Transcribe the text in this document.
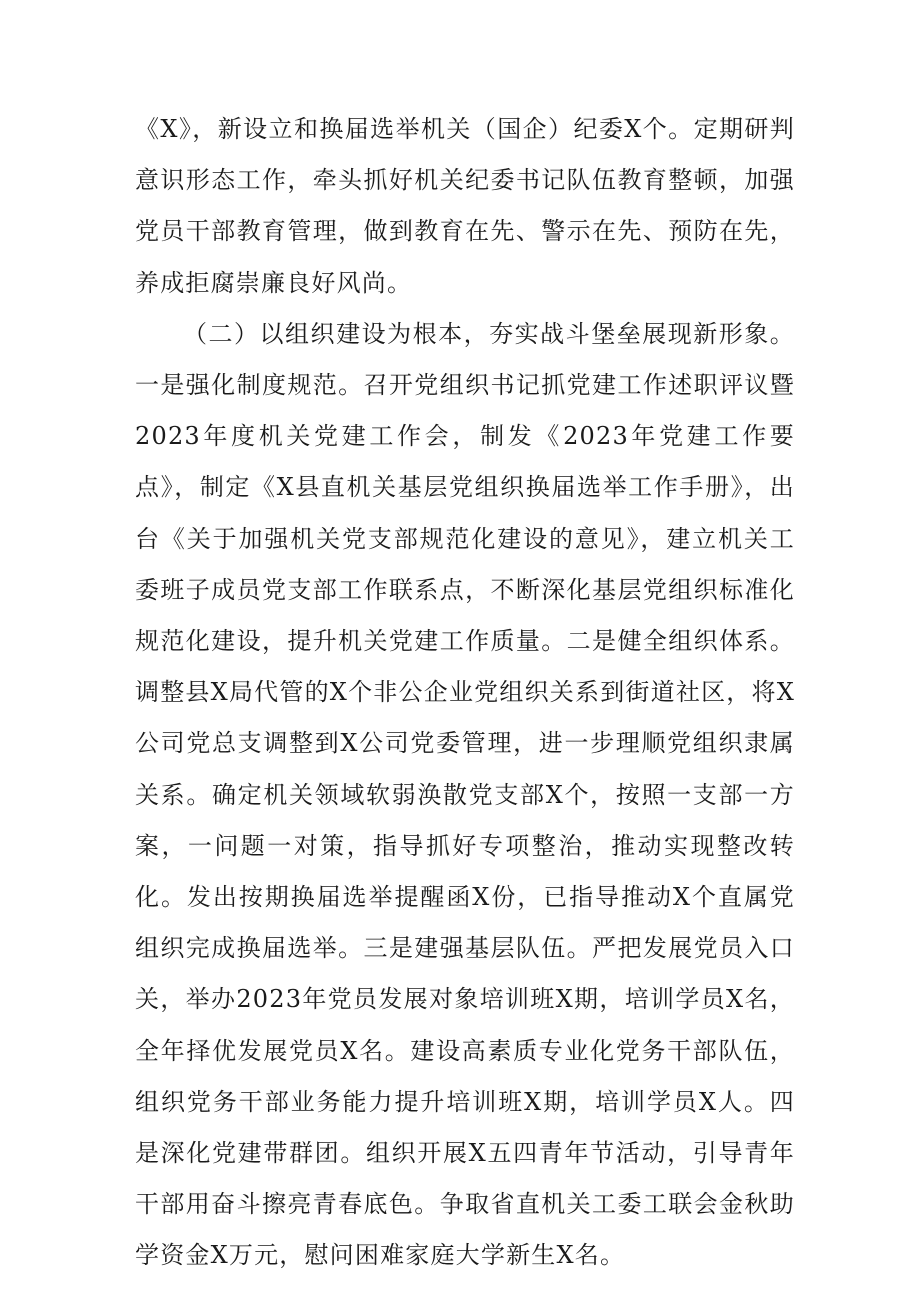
《X》，新设立和换届选举机关（国企）纪委X个。定期研判意识形态工作，牵头抓好机关纪委书记队伍教育整顿，加强党员干部教育管理，做到教育在先、警示在先、预防在先，养成拒腐崇廉良好风尚。

（二）以组织建设为根本，夯实战斗堡垒展现新形象。一是强化制度规范。召开党组织书记抓党建工作述职评议暨2023年度机关党建工作会，制发《2023年党建工作要点》，制定《X县直机关基层党组织换届选举工作手册》，出台《关于加强机关党支部规范化建设的意见》，建立机关工委班子成员党支部工作联系点，不断深化基层党组织标准化规范化建设，提升机关党建工作质量。二是健全组织体系。调整县X局代管的X个非公企业党组织关系到街道社区，将X公司党总支调整到X公司党委管理，进一步理顺党组织隶属关系。确定机关领域软弱涣散党支部X个，按照一支部一方案，一问题一对策，指导抓好专项整治，推动实现整改转化。发出按期换届选举提醒函X份，已指导推动X个直属党组织完成换届选举。三是建强基层队伍。严把发展党员入口关，举办2023年党员发展对象培训班X期，培训学员X名，全年择优发展党员X名。建设高素质专业化党务干部队伍，组织党务干部业务能力提升培训班X期，培训学员X人。四是深化党建带群团。组织开展X五四青年节活动，引导青年干部用奋斗擦亮青春底色。争取省直机关工委工联会金秋助学资金X万元，慰问困难家庭大学新生X名。
